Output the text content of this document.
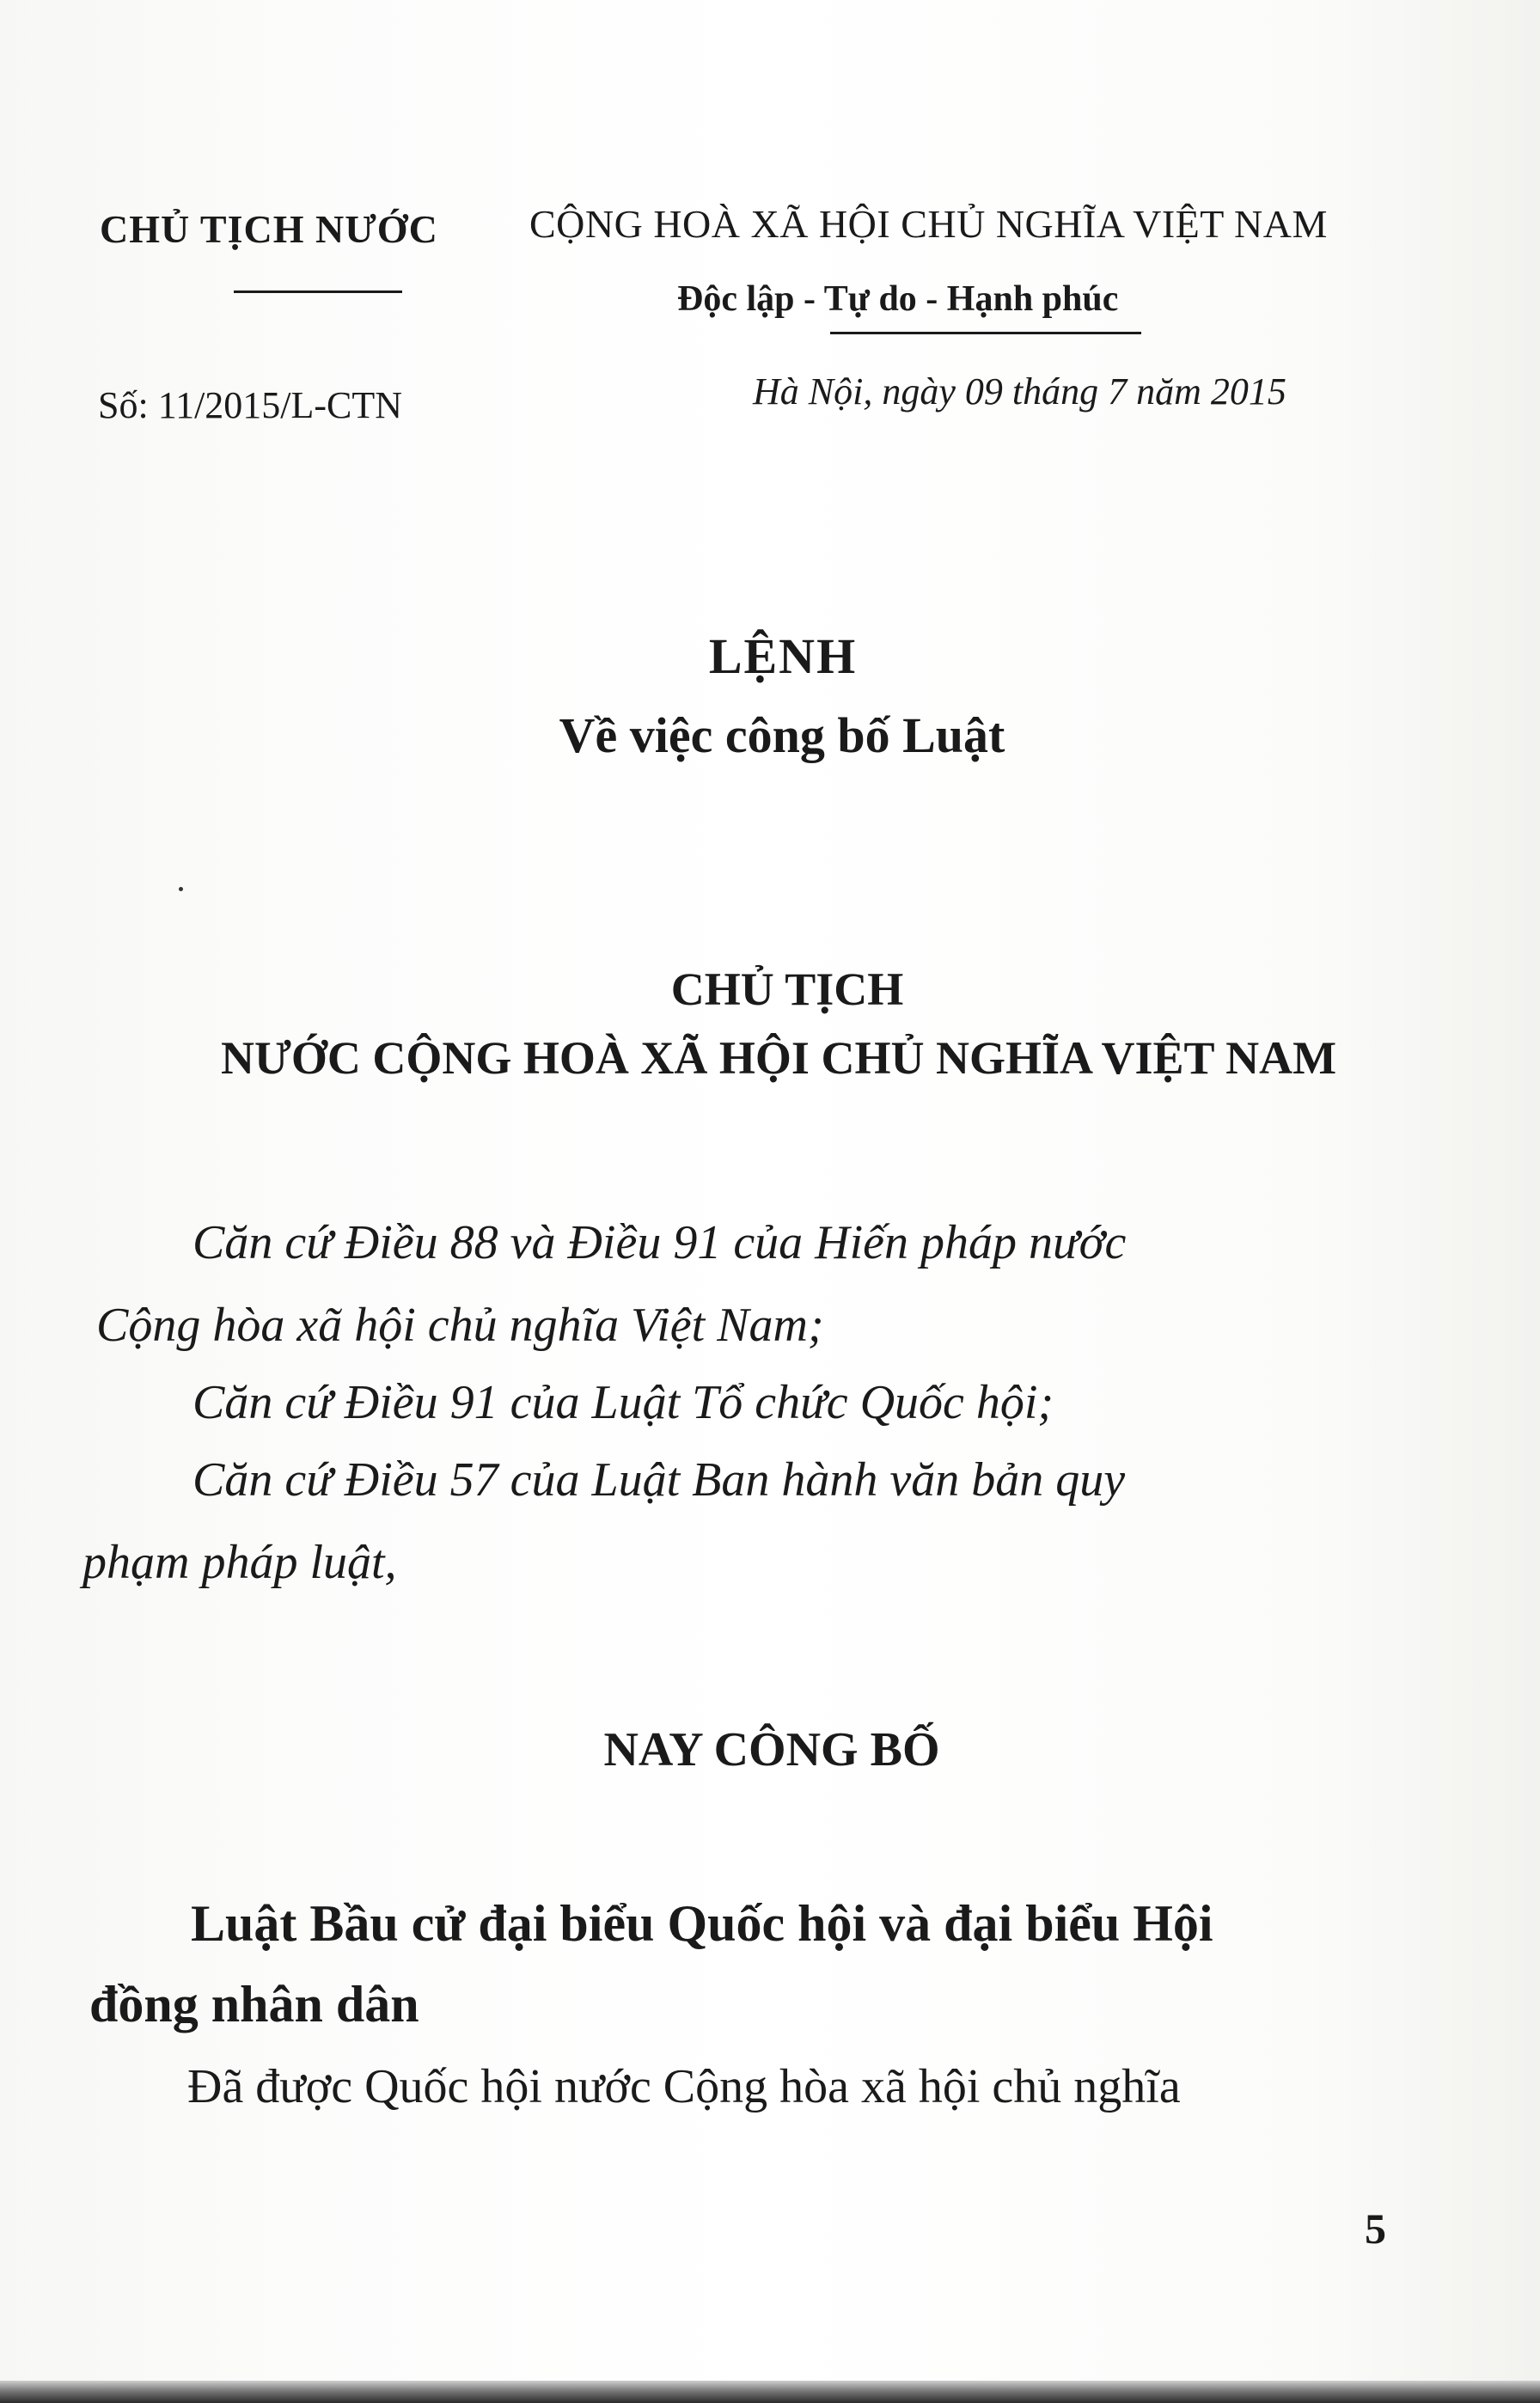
CHỦ TỊCH NƯỚC CỘNG HOÀ XÃ HỘI CHỦ NGHĨA VIỆT NAM
Độc lập - Tự do - Hạnh phúc
Số: 11/2015/L-CTN	Hà Nội, ngày 09 tháng 7 năm 2015
LỆNH
Về việc công bố Luật
CHỦ TỊCH
NƯỚC CỘNG HOÀ XÃ HỘI CHỦ NGHĨA VIỆT NAM
Căn cứ Điều 88 và Điều 91 của Hiến pháp nước
Cộng hòa xã hội chủ nghĩa Việt Nam;
Căn cứ Điều 91 của Luật Tổ chức Quốc hội;
Căn cứ Điều 57 của Luật Ban hành văn bản quy
phạm pháp luật,
NAY CÔNG BỐ
Luật Bầu cử đại biểu Quốc hội và đại biểu Hội
đồng nhân dân
Đã được Quốc hội nước Cộng hòa xã hội chủ nghĩa
5
